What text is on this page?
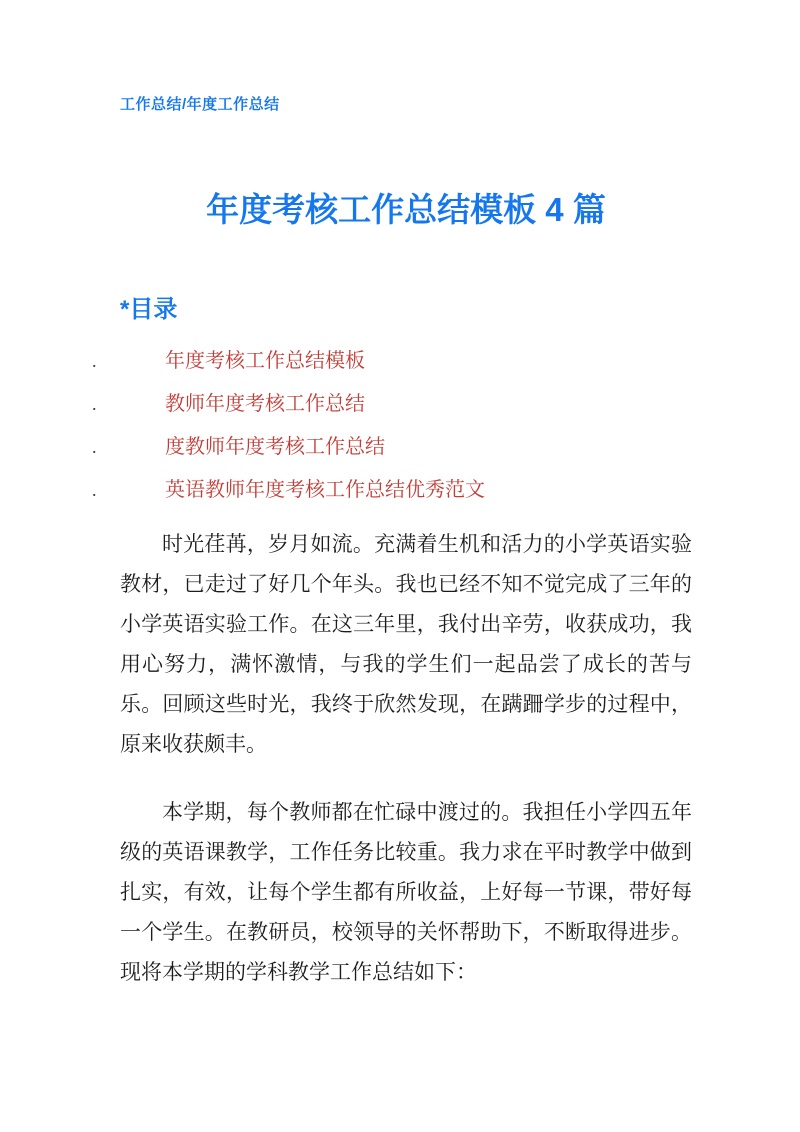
工作总结/年度工作总结
年度考核工作总结模板 4 篇
*目录
.	年度考核工作总结模板
.	教师年度考核工作总结
.	度教师年度考核工作总结
.	英语教师年度考核工作总结优秀范文

时光荏苒，岁月如流。充满着生机和活力的小学英语实验教材，已走过了好几个年头。我也已经不知不觉完成了三年的小学英语实验工作。在这三年里，我付出辛劳，收获成功，我用心努力，满怀激情，与我的学生们一起品尝了成长的苦与乐。回顾这些时光，我终于欣然发现，在蹒跚学步的过程中，原来收获颇丰。

本学期，每个教师都在忙碌中渡过的。我担任小学四五年级的英语课教学，工作任务比较重。我力求在平时教学中做到扎实，有效，让每个学生都有所收益，上好每一节课，带好每一个学生。在教研员，校领导的关怀帮助下，不断取得进步。现将本学期的学科教学工作总结如下：
